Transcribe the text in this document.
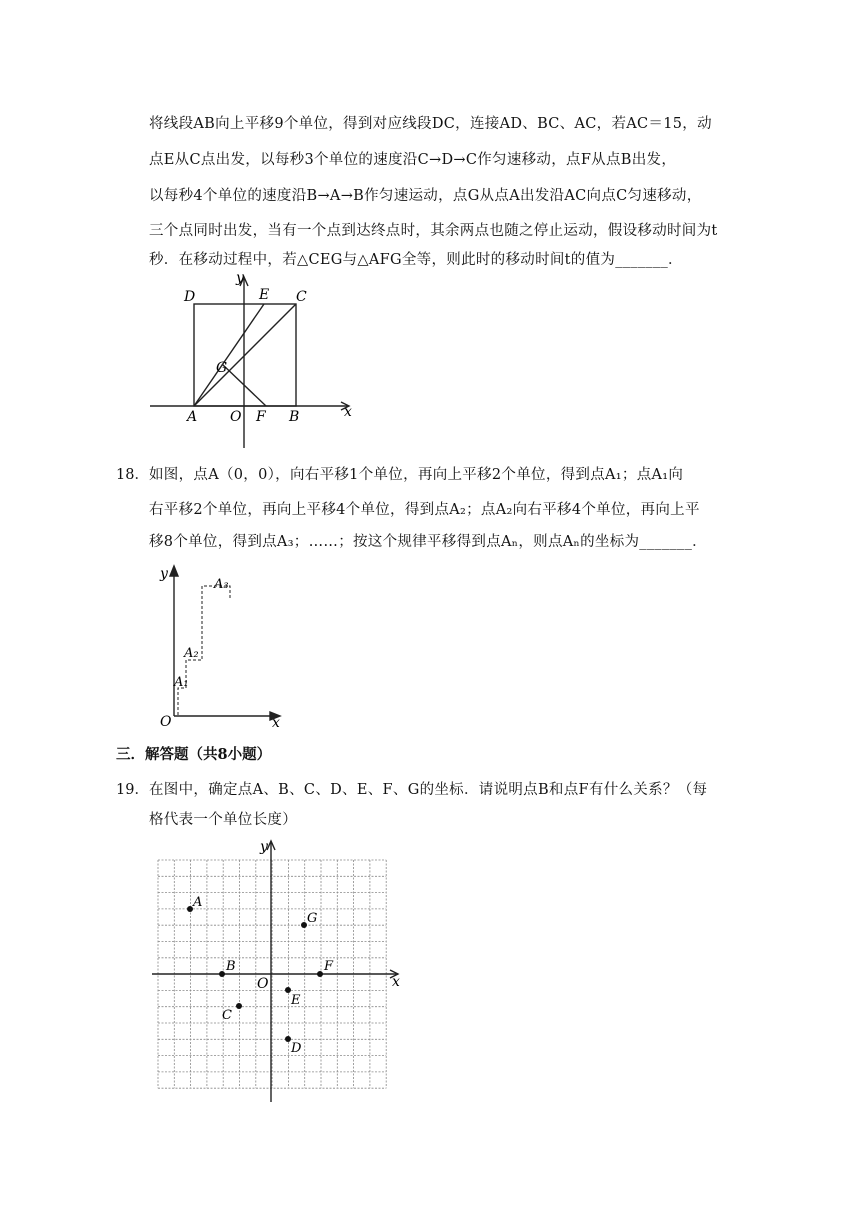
将线段AB向上平移9个单位，得到对应线段DC，连接AD、BC、AC，若AC＝15，动
点E从C点出发，以每秒3个单位的速度沿C→D→C作匀速移动，点F从点B出发，
以每秒4个单位的速度沿B→A→B作匀速运动，点G从点A出发沿AC向点C匀速移动，
三个点同时出发，当有一个点到达终点时，其余两点也随之停止运动，假设移动时间为t
秒．在移动过程中，若△CEG与△AFG全等，则此时的移动时间t的值为_______．
y
x
D	E C
G
A O F B
18． 如图，点A（0，0），向右平移1个单位，再向上平移2个单位，得到点A₁；点A₁向
右平移2个单位，再向上平移4个单位，得到点A₂；点A₂向右平移4个单位，再向上平
移8个单位，得到点A₃；……；按这个规律平移得到点Aₙ，则点Aₙ的坐标为_______．
y
x
O
A₁
A₂
A₃
三．解答题（共8小题）
19． 在图中，确定点A、B、C、D、E、F、G的坐标．请说明点B和点F有什么关系？（每
格代表一个单位长度）
y
x
O
A
B
C
D
E
F
G
